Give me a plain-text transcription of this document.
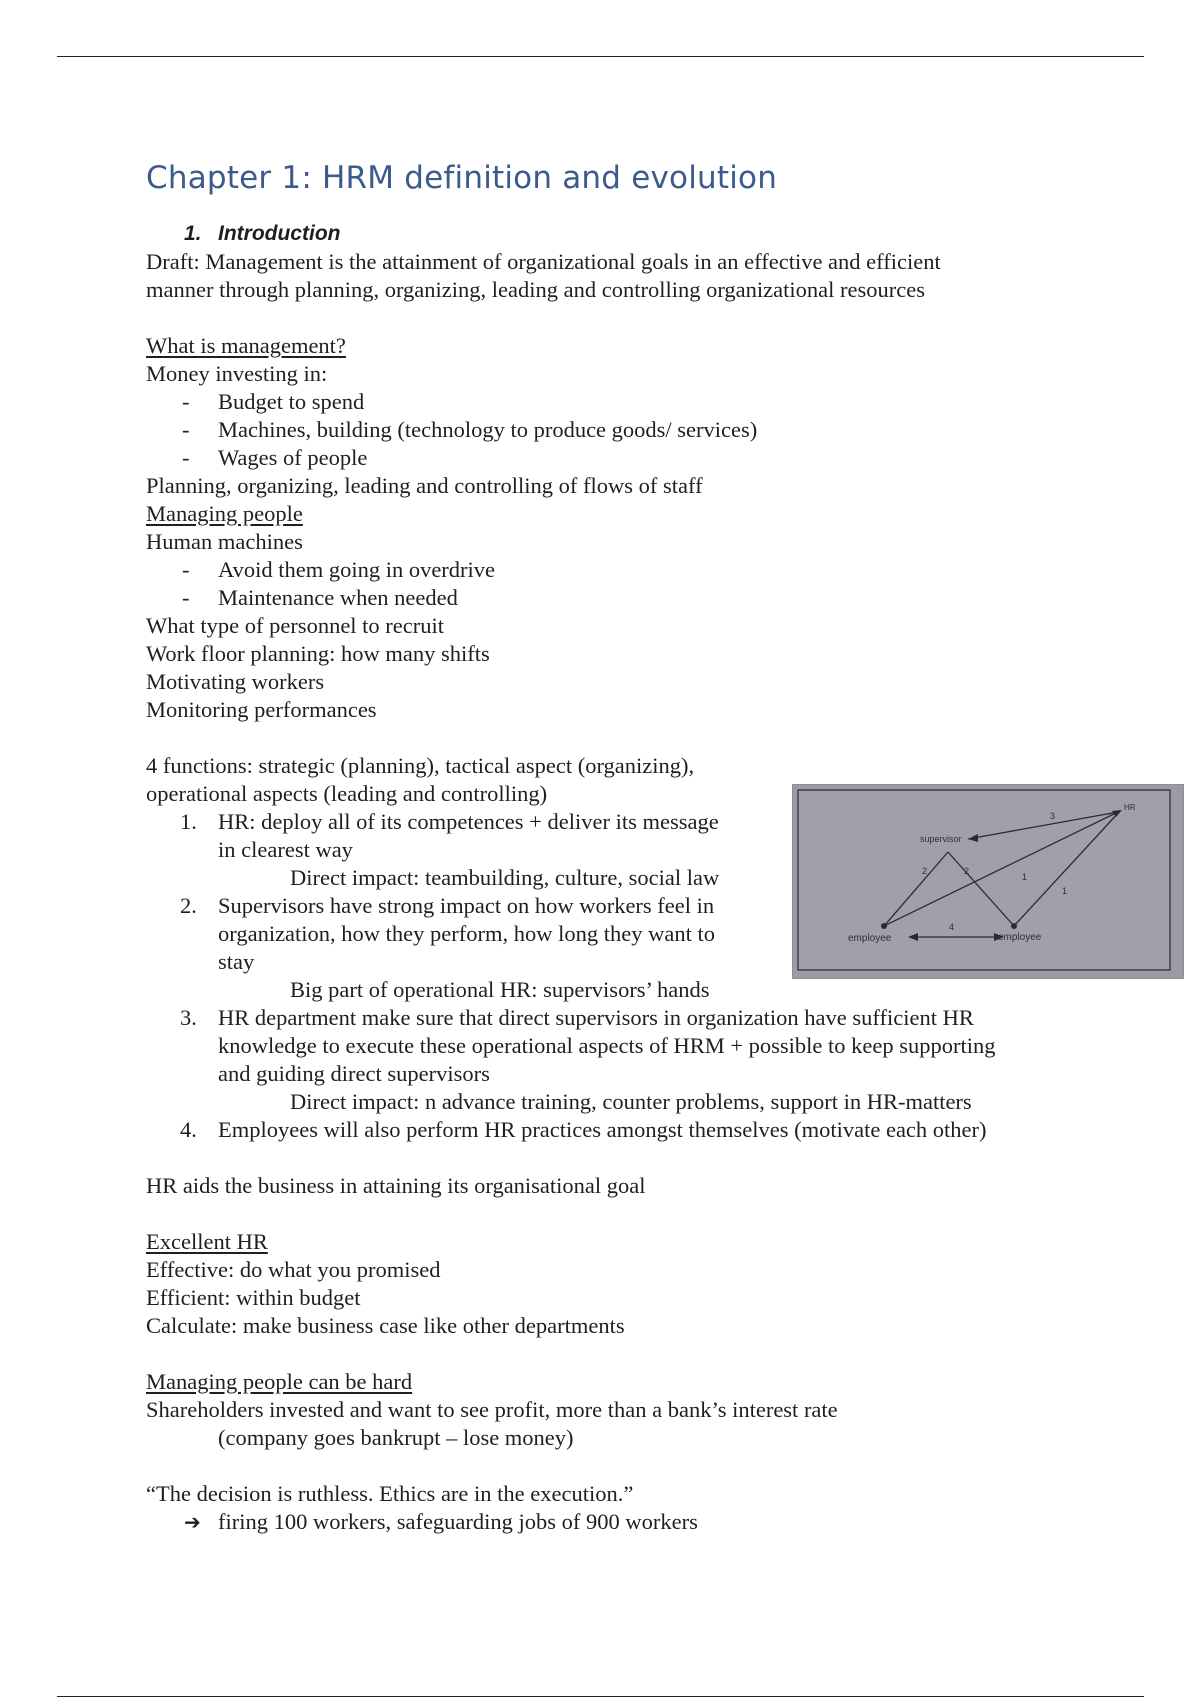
Chapter 1: HRM definition and evolution
1. Introduction

Draft: Management is the attainment of organizational goals in an effective and efficient

manner through planning, organizing, leading and controlling organizational resources

What is management?

Money investing in:

- Budget to spend
- Machines, building (technology to produce goods/ services)
- Wages of people

Planning, organizing, leading and controlling of flows of staff

Managing people

Human machines

- Avoid them going in overdrive
- Maintenance when needed

What type of personnel to recruit

Work floor planning: how many shifts

Motivating workers

Monitoring performances

4 functions: strategic (planning), tactical aspect (organizing),

operational aspects (leading and controlling)

1. HR: deploy all of its competences + deliver its message
in clearest way
Direct impact: teambuilding, culture, social law
2. Supervisors have strong impact on how workers feel in
organization, how they perform, how long they want to
stay
Big part of operational HR: supervisors’ hands
3. HR department make sure that direct supervisors in organization have sufficient HR
knowledge to execute these operational aspects of HRM + possible to keep supporting
and guiding direct supervisors
Direct impact: n advance training, counter problems, support in HR-matters
4. Employees will also perform HR practices amongst themselves (motivate each other)

HR aids the business in attaining its organisational goal

Excellent HR

Effective: do what you promised

Efficient: within budget

Calculate: make business case like other departments

Managing people can be hard

Shareholders invested and want to see profit, more than a bank’s interest rate

(company goes bankrupt – lose money)

“The decision is ruthless. Ethics are in the execution.”

➔ firing 100 workers, safeguarding jobs of 900 workers
HR
supervisor
employee	employee
3
2	2
1
1
4
